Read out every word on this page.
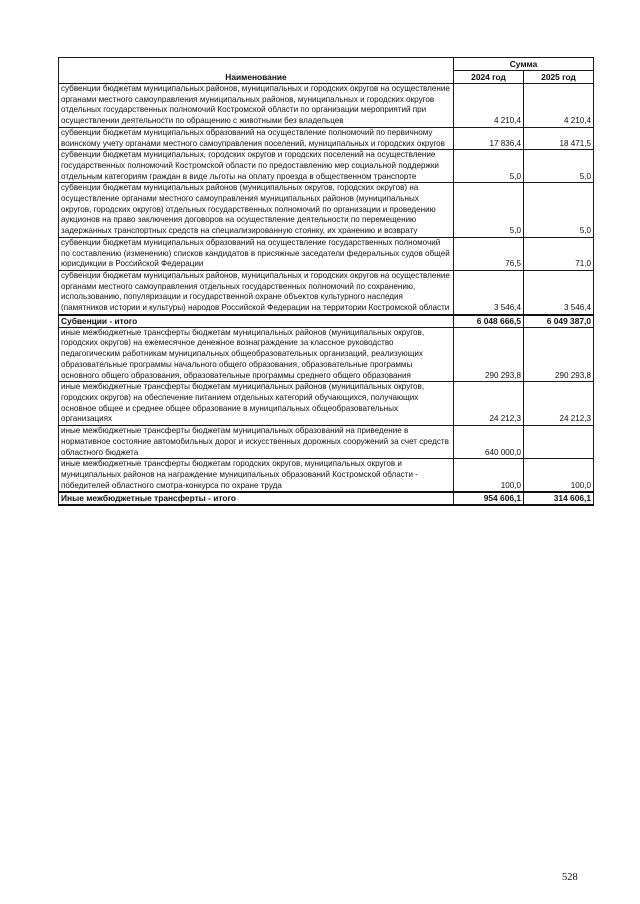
Наименование	Сумма	
	2024 год	2025 год
субвенции бюджетам муниципальных районов, муниципальных и городских округов на осуществление органами местного самоуправления муниципальных районов, муниципальных и городских округов отдельных государственных полномочий Костромской области по организации мероприятий при осуществлении деятельности по обращению с животными без владельцев	4 210,4	4 210,4
субвенции бюджетам муниципальных образований на осуществление полномочий по первичному воинскому учету органами местного самоуправления поселений, муниципальных и городских округов	17 836,4	18 471,5
субвенции бюджетам муниципальных, городских округов и городских поселений на осуществление государственных полномочий Костромской области по предоставлению мер социальной поддержки отдельным категориям граждан в виде льготы на оплату проезда в общественном транспорте	5,0	5,0
субвенции бюджетам муниципальных районов (муниципальных округов, городских округов) на осуществление органами местного самоуправления муниципальных районов (муниципальных округов, городских округов) отдельных государственных полномочий по организации и проведению аукционов на право заключения договоров на осуществление деятельности по перемещению задержанных транспортных средств на специализированную стоянку, их хранению и возврату	5,0	5,0
субвенции бюджетам муниципальных образований на осуществление государственных полномочий по составлению (изменению) списков кандидатов в присяжные заседатели федеральных судов общей юрисдикции в Российской Федерации	76,5	71,0
субвенции бюджетам муниципальных районов, муниципальных и городских округов на осуществление органами местного самоуправления отдельных государственных полномочий по сохранению, использованию, популяризации и государственной охране объектов культурного наследия (памятников истории и культуры) народов Российской Федерации на территории Костромской области	3 546,4	3 546,4
Субвенции - итого	6 048 666,5	6 049 387,0
иные межбюджетные трансферты бюджетам муниципальных районов (муниципальных округов, городских округов) на ежемесячное денежное вознаграждение за классное руководство педагогическим работникам муниципальных общеобразовательных организаций, реализующих образовательные программы начального общего образования, образовательные программы основного общего образования, образовательные программы среднего общего образования	290 293,8	290 293,8
иные межбюджетные трансферты бюджетам муниципальных районов (муниципальных округов, городских округов) на обеспечение питанием отдельных категорий обучающихся, получающих основное общее и среднее общее образование в муниципальных общеобразовательных организациях	24 212,3	24 212,3
иные межбюджетные трансферты бюджетам муниципальных образований на приведение в нормативное состояние автомобильных дорог и искусственных дорожных сооружений за счет средств областного бюджета	640 000,0	
иные межбюджетные трансферты бюджетам городских округов, муниципальных округов и муниципальных районов на награждение муниципальных образований Костромской области - победителей областного смотра-конкурса по охране труда	100,0	100,0
Иные межбюджетные трансферты - итого	954 606,1	314 606,1
528
